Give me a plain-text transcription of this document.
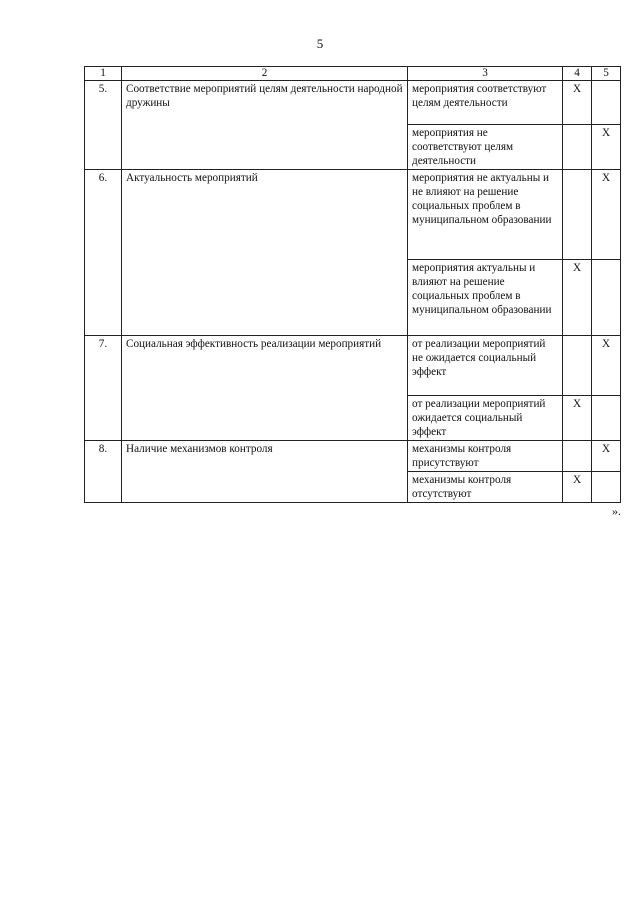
5
1	2	3	4	5
5.	Соответствие мероприятий целям деятельности народной дружины	мероприятия соответствуют целям деятельности	X	
		мероприятия не соответствуют целям деятельности		X
6.	Актуальность мероприятий	мероприятия не актуальны и не влияют на решение социальных проблем в муниципальном образовании		X
		мероприятия актуальны и влияют на решение социальных проблем в муниципальном образовании	X	
7.	Социальная эффективность реализации мероприятий	от реализации мероприятий не ожидается социальный эффект		X
		от реализации мероприятий ожидается социальный эффект	X	
8.	Наличие механизмов контроля	механизмы контроля присутствуют		X
		механизмы контроля отсутствуют	X	
».
